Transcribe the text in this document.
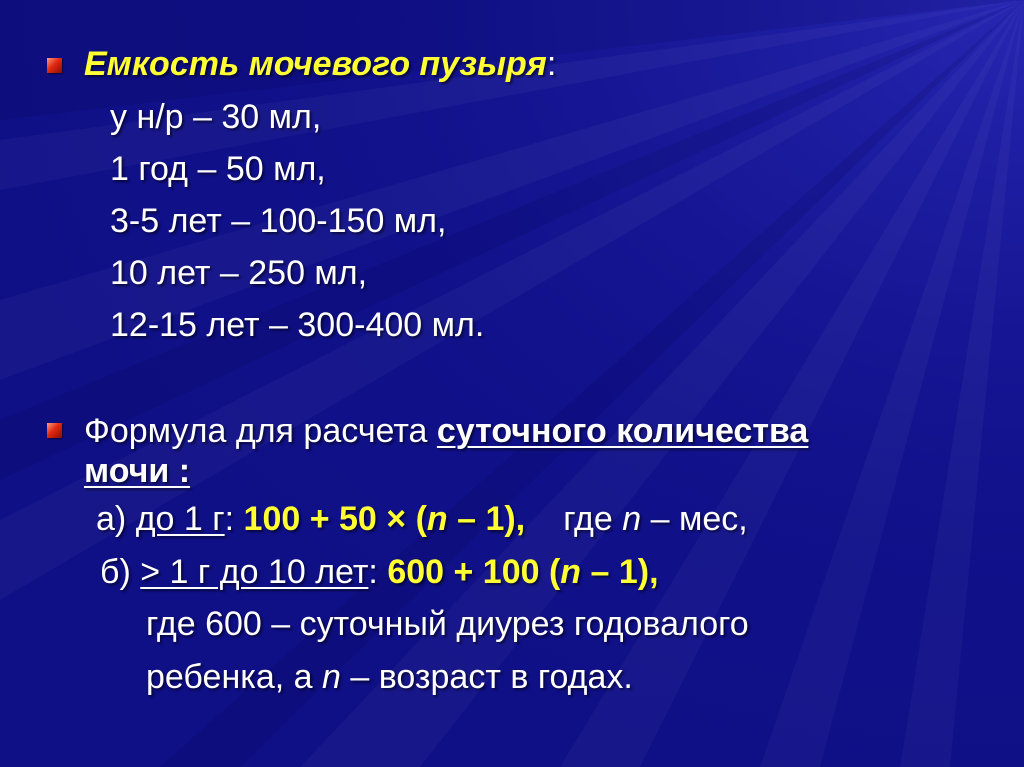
Емкость мочевого пузыря:
у н/р – 30 мл,
1 год – 50 мл,
3-5 лет – 100-150 мл,
10 лет – 250 мл,
12-15 лет – 300-400 мл.
Формула для расчета суточного количества
мочи :
а) до 1 г: 100 + 50 × (n – 1), где n – мес,
б) > 1 г до 10 лет: 600 + 100 (n – 1),
где 600 – суточный диурез годовалого
ребенка, а n – возраст в годах.
